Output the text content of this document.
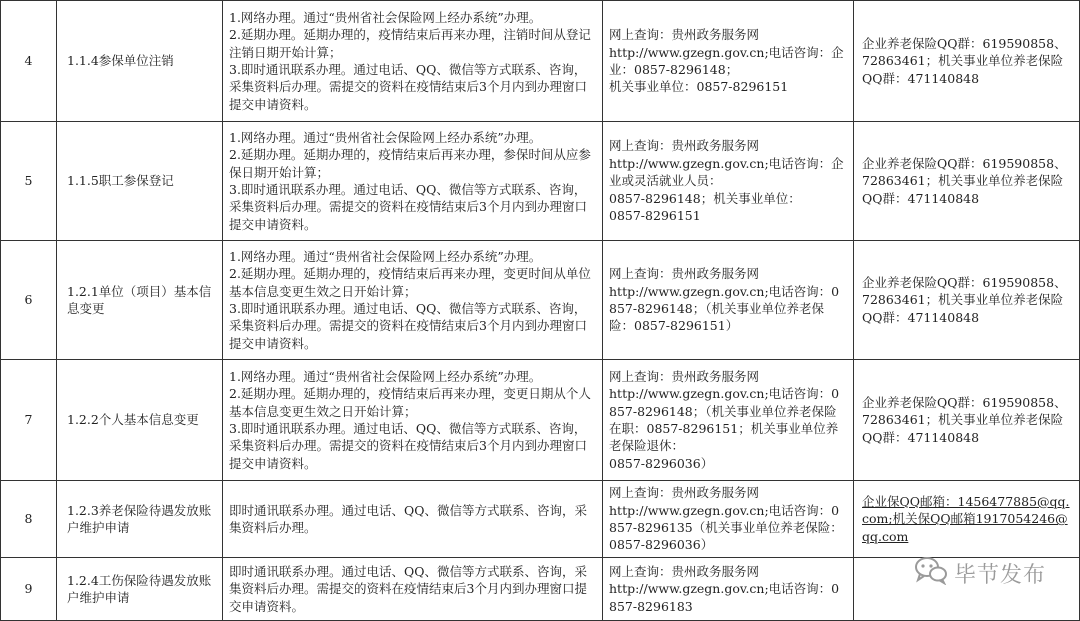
4	1.1.4参保单位注销	1.网络办理。通过“贵州省社会保险网上经办系统”办理。
2.延期办理。延期办理的，疫情结束后再来办理，注销时间从登记注销日期开始计算；
3.即时通讯联系办理。通过电话、QQ、微信等方式联系、咨询，采集资料后办理。需提交的资料在疫情结束后3个月内到办理窗口提交申请资料。	网上查询：贵州政务服务网
http://www.gzegn.gov.cn;电话咨询：企业：0857-8296148；
机关事业单位：0857-8296151	企业养老保险QQ群：619590858、72863461；机关事业单位养老保险QQ群：471140848
5	1.1.5职工参保登记	1.网络办理。通过“贵州省社会保险网上经办系统”办理。
2.延期办理。延期办理的，疫情结束后再来办理，参保时间从应参保日期开始计算；
3.即时通讯联系办理。通过电话、QQ、微信等方式联系、咨询，采集资料后办理。需提交的资料在疫情结束后3个月内到办理窗口提交申请资料。	网上查询：贵州政务服务网
http://www.gzegn.gov.cn;电话咨询：企业或灵活就业人员：
0857-8296148；机关事业单位：
0857-8296151	企业养老保险QQ群：619590858、72863461；机关事业单位养老保险QQ群：471140848
6	1.2.1单位（项目）基本信息变更	1.网络办理。通过“贵州省社会保险网上经办系统”办理。
2.延期办理。延期办理的，疫情结束后再来办理，变更时间从单位基本信息变更生效之日开始计算；
3.即时通讯联系办理。通过电话、QQ、微信等方式联系、咨询，采集资料后办理。需提交的资料在疫情结束后3个月内到办理窗口提交申请资料。	网上查询：贵州政务服务网
http://www.gzegn.gov.cn;电话咨询：0857-8296148；（机关事业单位养老保险：0857-8296151）	企业养老保险QQ群：619590858、72863461；机关事业单位养老保险QQ群：471140848
7	1.2.2个人基本信息变更	1.网络办理。通过“贵州省社会保险网上经办系统”办理。
2.延期办理。延期办理的，疫情结束后再来办理，变更日期从个人基本信息变更生效之日开始计算；
3.即时通讯联系办理。通过电话、QQ、微信等方式联系、咨询，采集资料后办理。需提交的资料在疫情结束后3个月内到办理窗口提交申请资料。	网上查询：贵州政务服务网
http://www.gzegn.gov.cn;电话咨询：0857-8296148；（机关事业单位养老保险在职：0857-8296151；机关事业单位养老保险退休：
0857-8296036）	企业养老保险QQ群：619590858、72863461；机关事业单位养老保险QQ群：471140848
8	1.2.3养老保险待遇发放账户维护申请	即时通讯联系办理。通过电话、QQ、微信等方式联系、咨询，采集资料后办理。	网上查询：贵州政务服务网
http://www.gzegn.gov.cn;电话咨询：0857-8296135（机关事业单位养老保险：0857-8296036）	企业保QQ邮箱：1456477885@qq.com;机关保QQ邮箱1917054246@qq.com
9	1.2.4工伤保险待遇发放账户维护申请	即时通讯联系办理。通过电话、QQ、微信等方式联系、咨询，采集资料后办理。需提交的资料在疫情结束后3个月内到办理窗口提交申请资料。	网上查询：贵州政务服务网
http://www.gzegn.gov.cn;电话咨询：0857-8296183	
毕节发布
